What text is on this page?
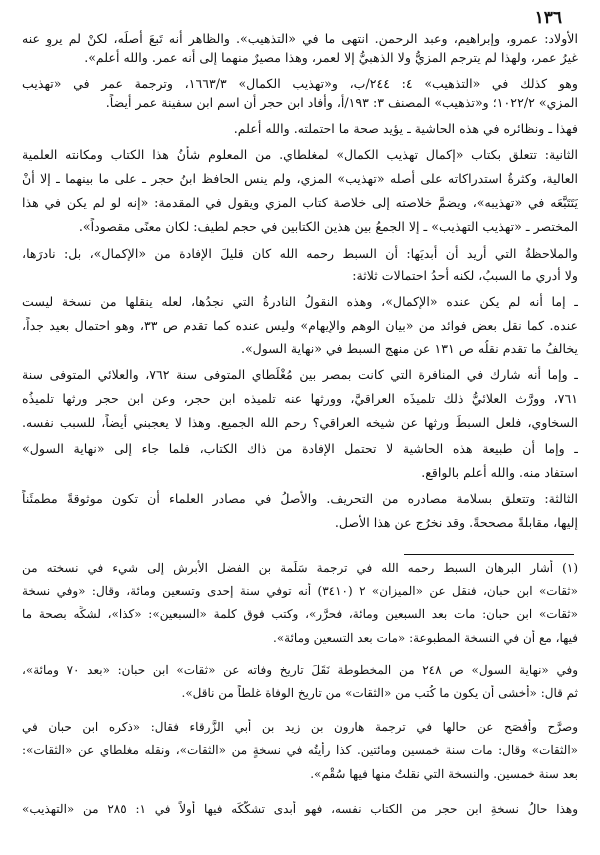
١٣٦
الأولاد: عمرو، وإبراهيم، وعبد الرحمن. انتهى ما في «التذهيب». والظاهر أنه تَبعَ أصلَه، لكنْ لم يروِ عنه
غيرُ عمر، ولهذا لم يترجم المزيُّ ولا الذهبيُّ إلا لعمر، وهذا مصيرٌ منهما إلى أنه عمر. والله أعلم».
وهو كذلك في «التذهيب» ٤: ٢٤٤/ب، و«تهذيب الكمال» ١٦٦٣/٣، وترجمة عمر في «تهذيب
المزي» ١٠٢٢/٢؛ و«تذهيب» المصنف ٣: ١٩٣/أ، وأفاد ابن حجر أن اسم ابن سفينة عمر أيضاً.
فهذا ـ ونظائره في هذه الحاشية ـ يؤيد صحة ما احتملته. والله أعلم.
الثانية: تتعلق بكتاب «إكمال تهذيب الكمال» لمغلطاي. من المعلوم شأنُ هذا الكتاب ومكانته العلمية
العالية، وكثرةُ استدراكاته على أصله «تهذيب» المزي، ولم ينس الحافظ ابنُ حجر ـ على ما بينهما ـ إلا أنْ
يَتَتَبَّعَه في «تهذيبه»، ويضمَّ خلاصته إلى خلاصة كتاب المزي ويقول في المقدمة: «إنه لو لم يكن في هذا
المختصر ـ «تهذيب التهذيب» ـ إلا الجمعُ بين هذين الكتابين في حجم لطيف: لكان معنًى مقصوداً».
والملاحظةُ التي أريد أن أُبديَها: أن السبط رحمه الله كان قليلَ الإفادة من «الإكمال»، بل: نادرَها،
ولا أدري ما السببُ، لكنه أحدُ احتمالات ثلاثة:
ـ إما أنه لم يكن عنده «الإكمال»، وهذه النقولُ النادرةُ التي نجدُها، لعله ينقلها من نسخة ليست
عنده. كما نقل بعض فوائد من «بيان الوهم والإيهام» وليس عنده كما تقدم ص ٣٣، وهو احتمال بعيد جداً،
يخالفُ ما تقدم نقلُه ص ١٣١ عن منهج السبط في «نهاية السول».
ـ وإما أنه شارك في المنافرة التي كانت بمصر بين مُغْلَطاي المتوفى سنة ٧٦٢، والعلائي المتوفى سنة
٧٦١، وورَّث العلائيُّ ذلك تلميذَه العراقيَّ، وورثها عنه تلميذه ابن حجر، وعن ابن حجر ورثها تلميذُه
السخاوي، فلعل السبطَ ورثها عن شيخه العراقي؟ رحم الله الجميع. وهذا لا يعجبني أيضاً، للسبب نفسه.
ـ وإما أن طبيعة هذه الحاشية لا تحتمل الإفادة من ذاك الكتاب، فلما جاء إلى «نهاية السول»
استفاد منه. والله أعلم بالواقع.
الثالثة: وتتعلق بسلامة مصادره من التحريف. والأصلُ في مصادر العلماء أن تكون موثوقةً مطمئَناً
إليها، مقابلةً مصححةً. وقد نخرُج عن هذا الأصل.
(١) أشار البرهان السبط رحمه الله في ترجمة سَلَمة بن الفضل الأبرش إلى شيء في نسخته من
«ثقات» ابن حبان، فنقل عن «الميزان» ٢ (٣٤١٠) أنه توفي سنة إحدى وتسعين ومائة، وقال: «وفي نسخة
«ثقات» ابن حبان: مات بعد السبعين ومائة، فحرَّر»، وكتب فوق كلمة «السبعين»: «كذا»، لشكِّه بصحة ما
فيها، مع أن في النسخة المطبوعة: «مات بعد التسعين ومائة».
وفي «نهاية السول» ص ٢٤٨ من المخطوطة نَقَلَ تاريخ وفاته عن «ثقات» ابن حبان: «بعد ٧٠ ومائة»،
ثم قال: «أخشى أن يكون ما كُتب من «الثقات» من تاريخ الوفاة غلطاً من ناقل».
وصرَّح وأفصَح عن حالها في ترجمة هارون بن زيد بن أبي الزَّرقاء فقال: «ذكره ابن حبان في
«الثقات» وقال: مات سنة خمسين ومائتين. كذا رأيتُه في نسخةٍ من «الثقات»، ونقله مغلطاي عن «الثقات»:
بعد سنة خمسين. والنسخة التي نقلتُ منها فيها سُقْم».
وهذا حالُ نسخةِ ابن حجر من الكتاب نفسه، فهو أبدى تشكُّكَه فيها أولاً في ١: ٢٨٥ من «التهذيب»
